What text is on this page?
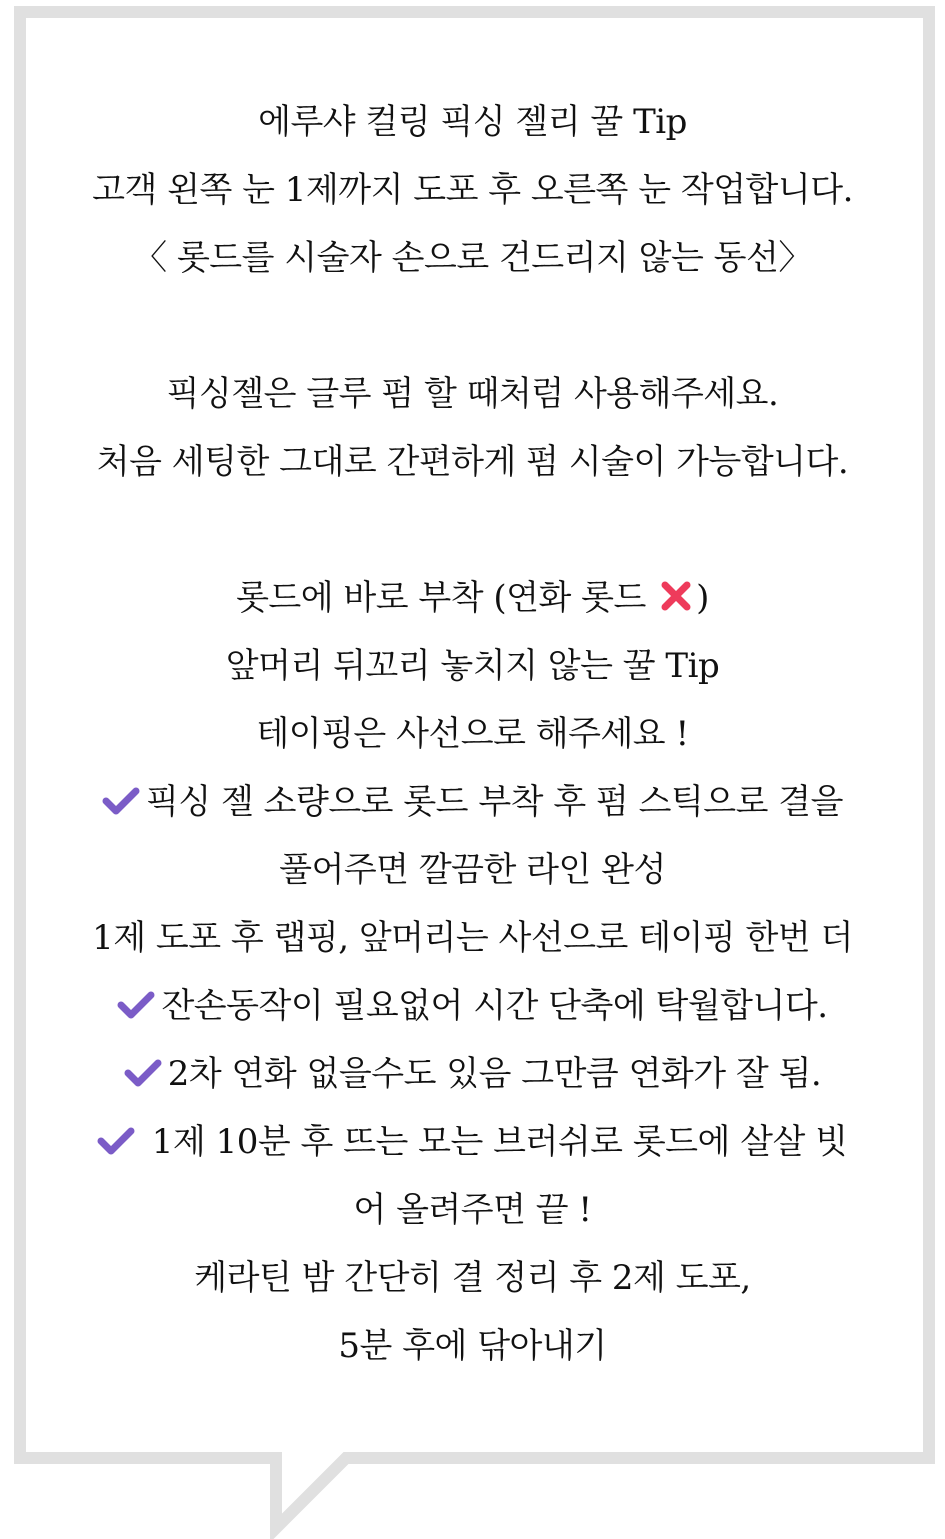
에루샤 컬링 픽싱 젤리 꿀 Tip
고객 왼쪽 눈 1제까지 도포 후 오른쪽 눈 작업합니다.
〈 롯드를 시술자 손으로 건드리지 않는 동선〉
픽싱젤은 글루 펌 할 때처럼 사용해주세요.
처음 세팅한 그대로 간편하게 펌 시술이 가능합니다.
롯드에 바로 부착 (연화 롯드 )
앞머리 뒤꼬리 놓치지 않는 꿀 Tip
테이핑은 사선으로 해주세요 !
픽싱 젤 소량으로 롯드 부착 후 펌 스틱으로 결을
풀어주면 깔끔한 라인 완성
1제 도포 후 랩핑, 앞머리는 사선으로 테이핑 한번 더
잔손동작이 필요없어 시간 단축에 탁월합니다.
2차 연화 없을수도 있음 그만큼 연화가 잘 됨.
1제 10분 후 뜨는 모는 브러쉬로 롯드에 살살 빗
어 올려주면 끝 !
케라틴 밤 간단히 결 정리 후 2제 도포,
5분 후에 닦아내기
